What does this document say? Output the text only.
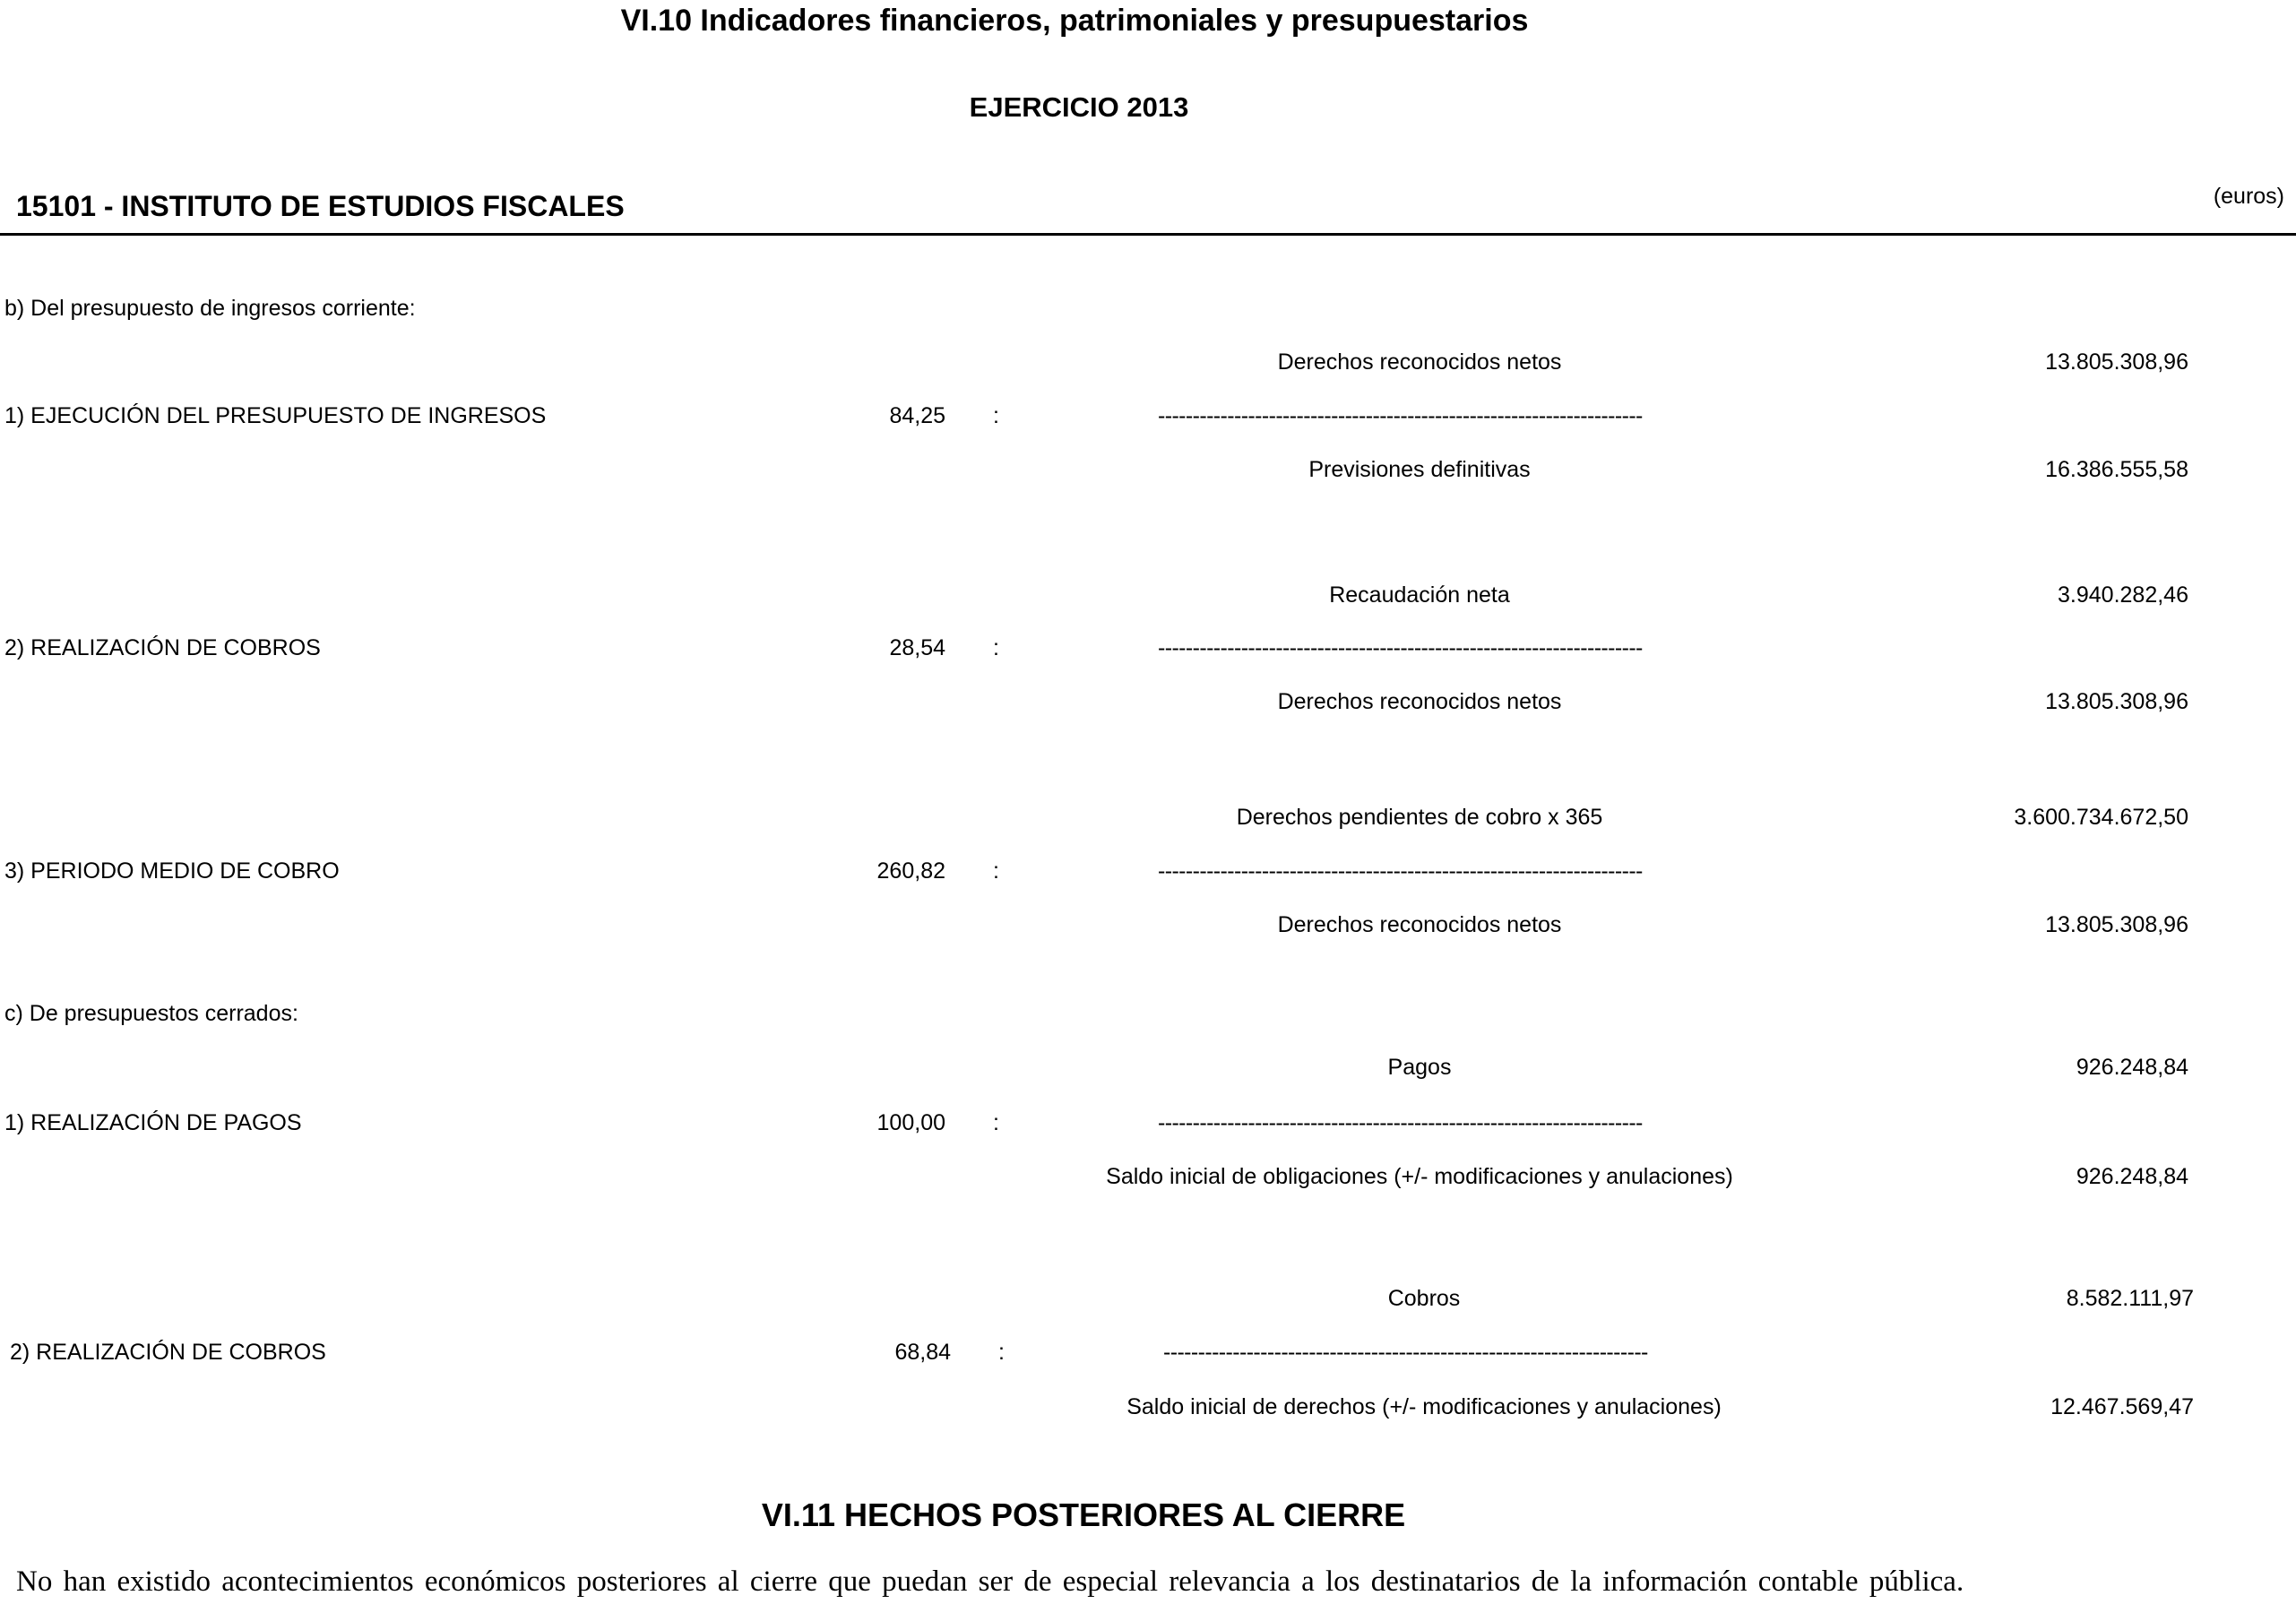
VI.10 Indicadores financieros, patrimoniales y presupuestarios
EJERCICIO 2013
15101 - INSTITUTO DE ESTUDIOS FISCALES	(euros)
b) Del presupuesto de ingresos corriente:
Derechos reconocidos netos	13.805.308,96
1) EJECUCIÓN DEL PRESUPUESTO DE INGRESOS	84,25 :	----------------------------------------------------------------------
Previsiones definitivas	16.386.555,58
Recaudación neta	3.940.282,46
2) REALIZACIÓN DE COBROS	28,54 :	----------------------------------------------------------------------
Derechos reconocidos netos	13.805.308,96
Derechos pendientes de cobro x 365	3.600.734.672,50
3) PERIODO MEDIO DE COBRO	260,82 :	----------------------------------------------------------------------
Derechos reconocidos netos	13.805.308,96
c) De presupuestos cerrados:
Pagos	926.248,84
1) REALIZACIÓN DE PAGOS	100,00 :	----------------------------------------------------------------------
Saldo inicial de obligaciones (+/- modificaciones y anulaciones)	926.248,84
Cobros	8.582.111,97
2) REALIZACIÓN DE COBROS	68,84 :	----------------------------------------------------------------------
Saldo inicial de derechos (+/- modificaciones y anulaciones)	12.467.569,47
VI.11 HECHOS POSTERIORES AL CIERRE
No han existido acontecimientos económicos posteriores al cierre que puedan ser de especial relevancia a los destinatarios de la información contable pública.
